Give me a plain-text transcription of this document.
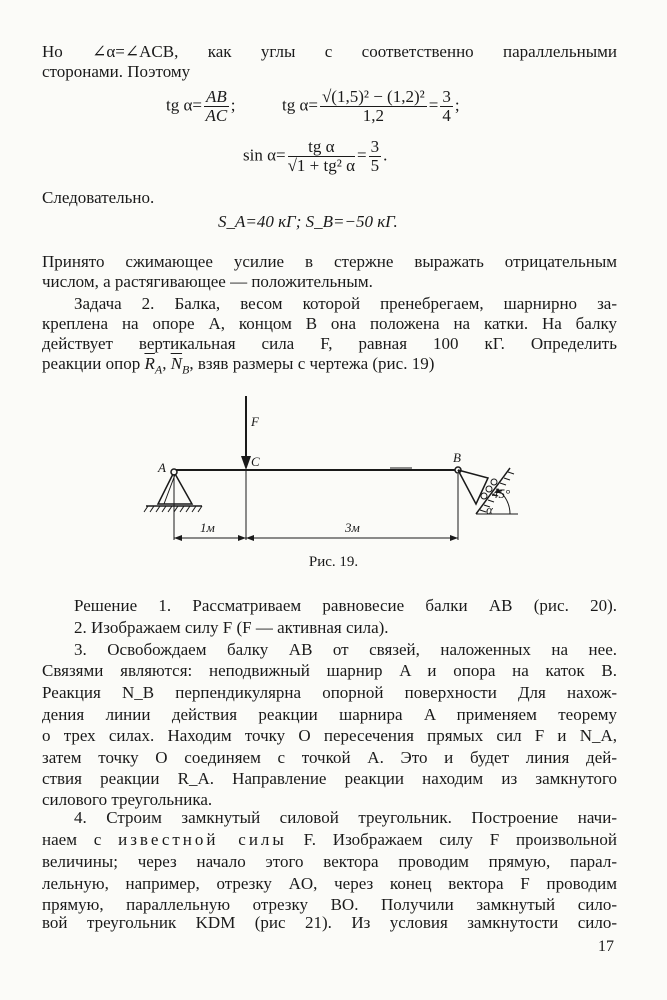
Но ∠α=∠ACB, как углы с соответственно параллельными
сторонами. Поэтому
tg $\alpha= \frac{AB}{AC}$ ;	tg $\alpha= \frac{\text{√(1,5)² − (1,2)²}}{1,2} = \frac{3}{4}$ ;
$\sin \alpha= \frac{\text{tg α}}{\text{√1 + tg² α}} = \frac{3}{5}$ .
Следовательно.
S_A=40 кГ; S_B=−50 кГ.
Принято сжимающее усилие в стержне выражать отрицательным
числом, а растягивающее — положительным.
Задача 2. Балка, весом которой пренебрегаем, шарнирно за-
креплена на опоре A, концом B она положена на катки. На балку
действует вертикальная сила F, равная 100 кГ. Определить
реакции опор $\overline{R}_A$, $\overline{N}_B$, взяв размеры с чертежа (рис. 19)
F
C
A
B
45°
α
1м	3м
Рис. 19.
Решение 1. Рассматриваем равновесие балки AB (рис. 20).
2. Изображаем силу F (F — активная сила).
3. Освобождаем балку AB от связей, наложенных на нее.
Связями являются: неподвижный шарнир A и опора на каток B.
Реакция N_B перпендикулярна опорной поверхности Для нахож-
дения линии действия реакции шарнира A применяем теорему
о трех силах. Находим точку O пересечения прямых сил F и N_A,
затем точку O соединяем с точкой A. Это и будет линия дей-
ствия реакции R_A. Направление реакции находим из замкнутого
силового треугольника.
4. Строим замкнутый силовой треугольник. Построение начи-
наем с известной силы F. Изображаем силу F произвольной
величины; через начало этого вектора проводим прямую, парал-
лельную, например, отрезку AO, через конец вектора F проводим
прямую, параллельную отрезку BO. Получили замкнутый сило-
вой треугольник KDM (рис 21). Из условия замкнутости сило-
17
